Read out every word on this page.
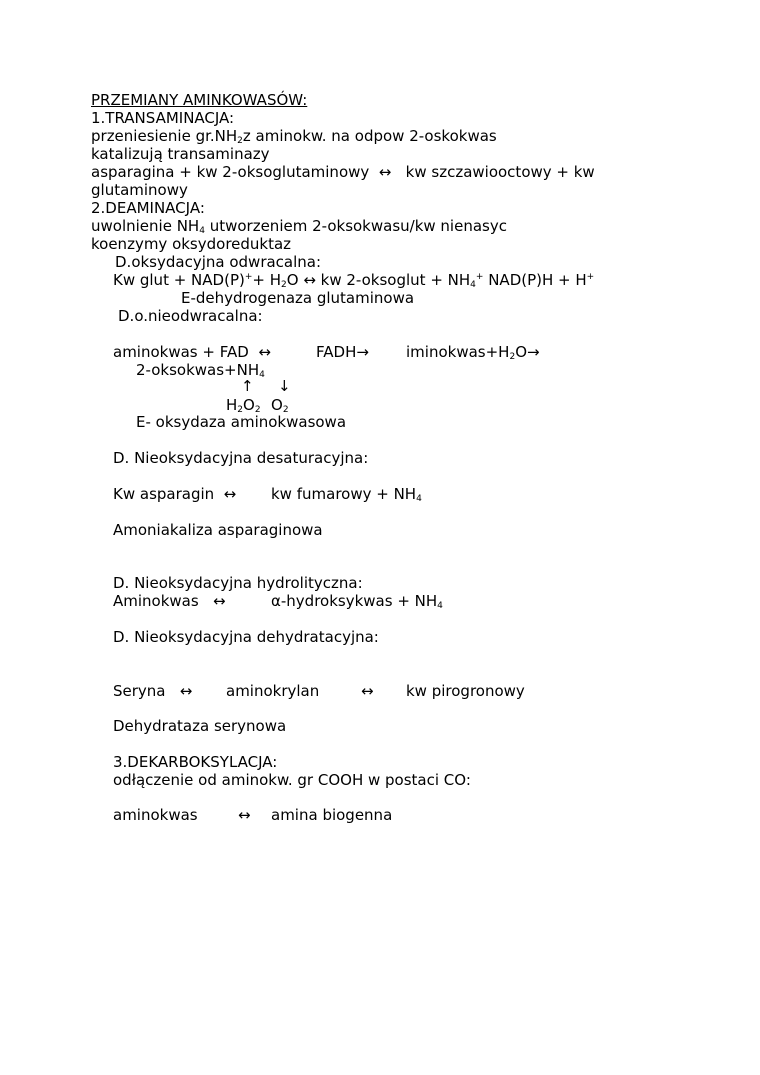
PRZEMIANY AMINKOWASÓW:
1.TRANSAMINACJA:
przeniesienie $gr.NH_2z$ aminokw. na odpow 2-oskokwas
katalizują transaminazy
asparagina + kw 2-oksoglutaminowy  ↔   kw szczawiooctowy + kw
glutaminowy
2.DEAMINACJA:
uwolnienie $NH_4$ utworzeniem 2-oksokwasu/kw nienasyc
koenzymy oksydoreduktaz
D.oksydacyjna odwracalna:
Kw glut + $NAD(P)^++ H_2O$ ↔ kw 2-oksoglut + $NH_4^+$ NAD(P)H + H+
E-dehydrogenaza glutaminowa
D.o.nieodwracalna:
aminokwas + FAD  ↔	FADH→ $iminokwas+H_2O\to$
$2-oksokwas+NH_4$
↑ ↓
$H_2O_2$ $O_2$
E- oksydaza aminokwasowa
D. Nieoksydacyjna desaturacyjna:
Kw asparagin  ↔ kw fumarowy + $NH_4$
Amoniakaliza asparaginowa
D. Nieoksydacyjna hydrolityczna:
Aminokwas   ↔	α-hydroksykwas + $NH_4$
D. Nieoksydacyjna dehydratacyjna:
Seryna   ↔ aminokrylan	↔ kw pirogronowy
Dehydrataza serynowa
3.DEKARBOKSYLACJA:
odłączenie od aminokw. gr COOH w postaci CO:
aminokwas	↔ amina biogenna
